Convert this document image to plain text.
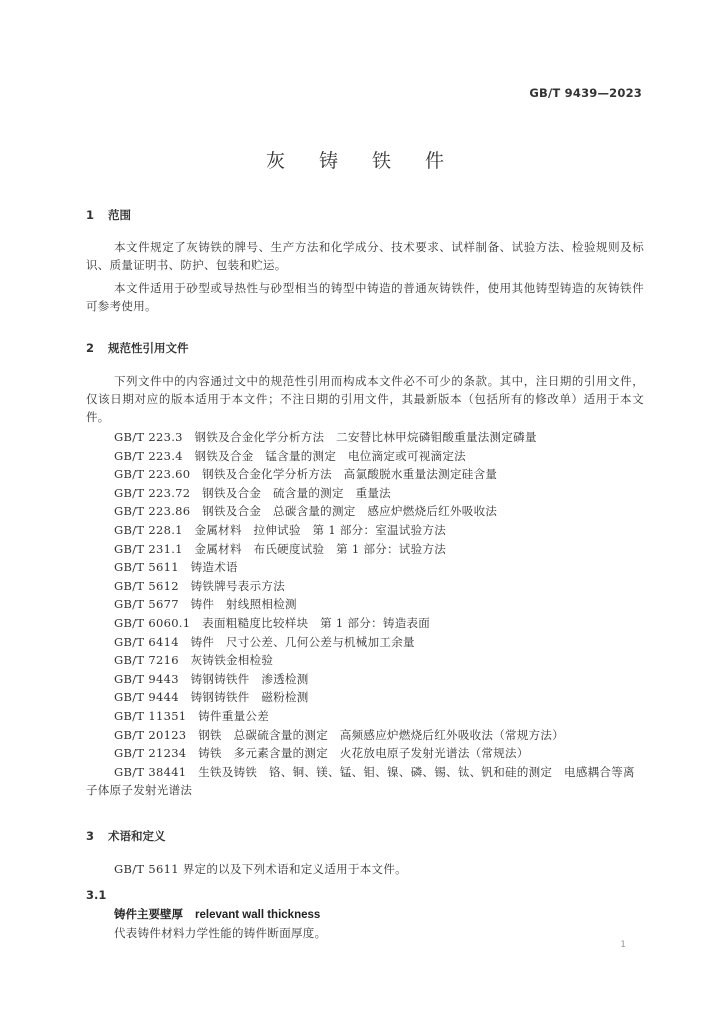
GB/T 9439—2023
灰 铸 铁 件
1 范围
本文件规定了灰铸铁的牌号、生产方法和化学成分、技术要求、试样制备、试验方法、检验规则及标识、质量证明书、防护、包装和贮运。
本文件适用于砂型或导热性与砂型相当的铸型中铸造的普通灰铸铁件，使用其他铸型铸造的灰铸铁件可参考使用。
2 规范性引用文件
下列文件中的内容通过文中的规范性引用而构成本文件必不可少的条款。其中，注日期的引用文件，仅该日期对应的版本适用于本文件；不注日期的引用文件，其最新版本（包括所有的修改单）适用于本文件。
GB/T 223.3　钢铁及合金化学分析方法　二安替比林甲烷磷钼酸重量法测定磷量
GB/T 223.4　钢铁及合金　锰含量的测定　电位滴定或可视滴定法
GB/T 223.60　钢铁及合金化学分析方法　高氯酸脱水重量法测定硅含量
GB/T 223.72　钢铁及合金　硫含量的测定　重量法
GB/T 223.86　钢铁及合金　总碳含量的测定　感应炉燃烧后红外吸收法
GB/T 228.1　金属材料　拉伸试验　第 1 部分：室温试验方法
GB/T 231.1　金属材料　布氏硬度试验　第 1 部分：试验方法
GB/T 5611　铸造术语
GB/T 5612　铸铁牌号表示方法
GB/T 5677　铸件　射线照相检测
GB/T 6060.1　表面粗糙度比较样块　第 1 部分：铸造表面
GB/T 6414　铸件　尺寸公差、几何公差与机械加工余量
GB/T 7216　灰铸铁金相检验
GB/T 9443　铸钢铸铁件　渗透检测
GB/T 9444　铸钢铸铁件　磁粉检测
GB/T 11351　铸件重量公差
GB/T 20123　钢铁　总碳硫含量的测定　高频感应炉燃烧后红外吸收法（常规方法）
GB/T 21234　铸铁　多元素含量的测定　火花放电原子发射光谱法（常规法）
GB/T 38441　生铁及铸铁　铬、铜、镁、锰、钼、镍、磷、锡、钛、钒和硅的测定　电感耦合等离子体原子发射光谱法
3 术语和定义
GB/T 5611 界定的以及下列术语和定义适用于本文件。
3.1
铸件主要壁厚 relevant wall thickness
代表铸件材料力学性能的铸件断面厚度。
1
